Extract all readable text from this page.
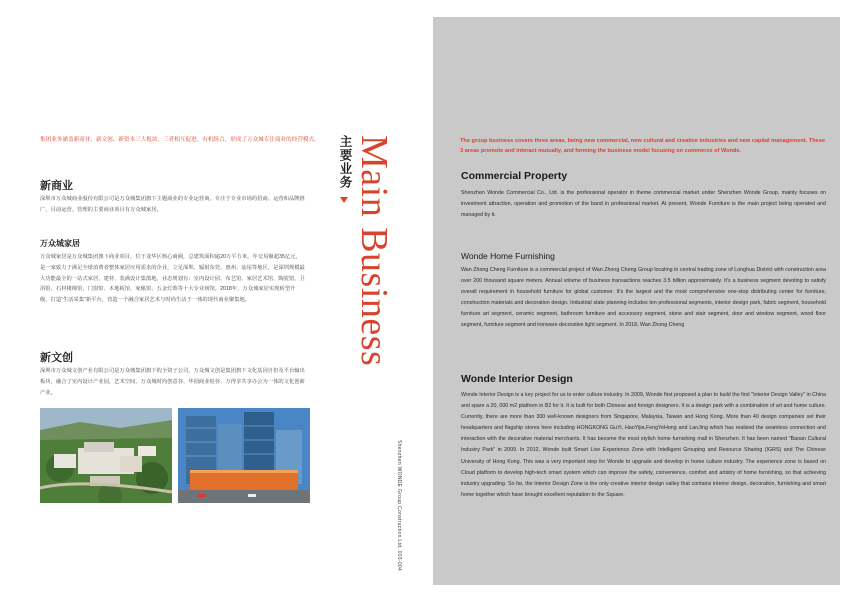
集团业务涵盖新商业、新文创、新资本三大板块，三者相互促进、有机组合，形成了万众城专注商业的经营模式。
新商业
深圳市万众城商业股份有限公司是万众城集团旗下主题商业的专业运营商，专注于专业市场的招商、运营和品牌推广，目前运营、管理的主要商业项目有万众城家居。
万众城家居
万众城家居是万众城集团旗下商业项目，位于龙华区核心商圈，总建筑面积逾20万平方米，年交易额超35亿元，是一家致力于满足全球消费者整体家居应用需求的企业，立足深圳、辐射东莞、惠州、汕尾等地区，是深圳规模最大功能最全的一站式家居，建材、装满设计集散地，业态规划有：室内设计园、布艺馆、家居艺术馆、陶瓷馆、卫浴馆、石材楼梯馆、门窗馆、木地板馆、家俬馆、五金灯饰等十大专业场馆。2018年，万众城家居实现转型升级，打造“生活采集”新平台，营造一个融合家居艺术与时尚生活于一体的现代商业聚集地。
新文创
深圳市万众城文创产业有限公司是万众城集团旗下的全资子公司，万众城文创是集团旗下文化基因自但及平台输出板块，融合了室内设计产业园，艺术空间、万众城时尚创意谷、华园商业硅谷、万得享共享办公为一体的文化创新产业。
Main Business
主要业务
Shenzhen WONDE Group Construction Ltd. 003-004
The group business covers three areas, being new commercial, new cultural and creative industries and new capital management. These 3 areas promote and interact mutually, and forming the business model focusing on commerce of Wonde.
Commercial Property
Shenzhen Wonde Commercial Co., Ltd. is the professional operator in theme commercial market under Shenzhen Wonde Group, mainly focuses on investment attraction, operation and promotion of the band in professional market. At present, Wonde Furniture is the main project being operated and managed by it.
Wonde Home Furnishing
Wan Zhong Cheng Furniture is a commercial project of Wan Zhong Cheng Group locating in central trading zone of Longhua District with construction area over 200 thousand square meters. Annual volume of business transactions reaches 3.5 billion approximately. It's a business segment devoting to satisfy overall requirement in household furniture for global customer. It's the largest and the most comprehensive one-stop distributing center for furniture, construction materials and decoration design. Industrial state planning includes ten professional segments, interior design park, fabric segment, household furniture art segment, ceramic segment, bathroom furniture and accessory segment, stone and stair segment, door and window segment, wood floor segment, furniture segment and ironware decorative light segment. In 2018, Wan Zhong Cheng
Wonde Interior Design
Wonde Interior Design is a key project for us to enter culture industry. In 2009, Wonde first proposed a plan to build the first "Interior Design Valley" in China and spare a 20, 000 m2 platform in B2 for it. It is built for both Chinese and foreign designers. It is a design park with a combination of art and home culture. Currently, there are more than 300 well-known designers from Singapore, Malaysia, Taiwan and Hong Kong. More than 40 design companies set their headquarters and flagship stores here including HONGKONG GuYi, HaoYijia,FengYeHong and LanJing which has realized the seamless connection and interaction with the decorative material merchants. It has become the most stylish home furnishing mall in Shenzhen. It has been named "Baoan Cultural Industry Park" in 2009. In 2012, Wonde built Smart Live Experience Zone with Intelligent Grouping and Resource Sharing (IGRS) and The Chinese University of Hong Kong. This was a very important step for Wonde to upgrade and develop in home culture industry. The experience zone is based on Cloud platform to develop high-tech smart system which can improve the safety, convenience, comfort and artistry of home furnishing, so that achieving industry upgrading. So far, the Interior Design Zone is the only creative interior design valley that contains interior design, decoration, furnishing and smart home together which have brought excellent reputation to the Square.
